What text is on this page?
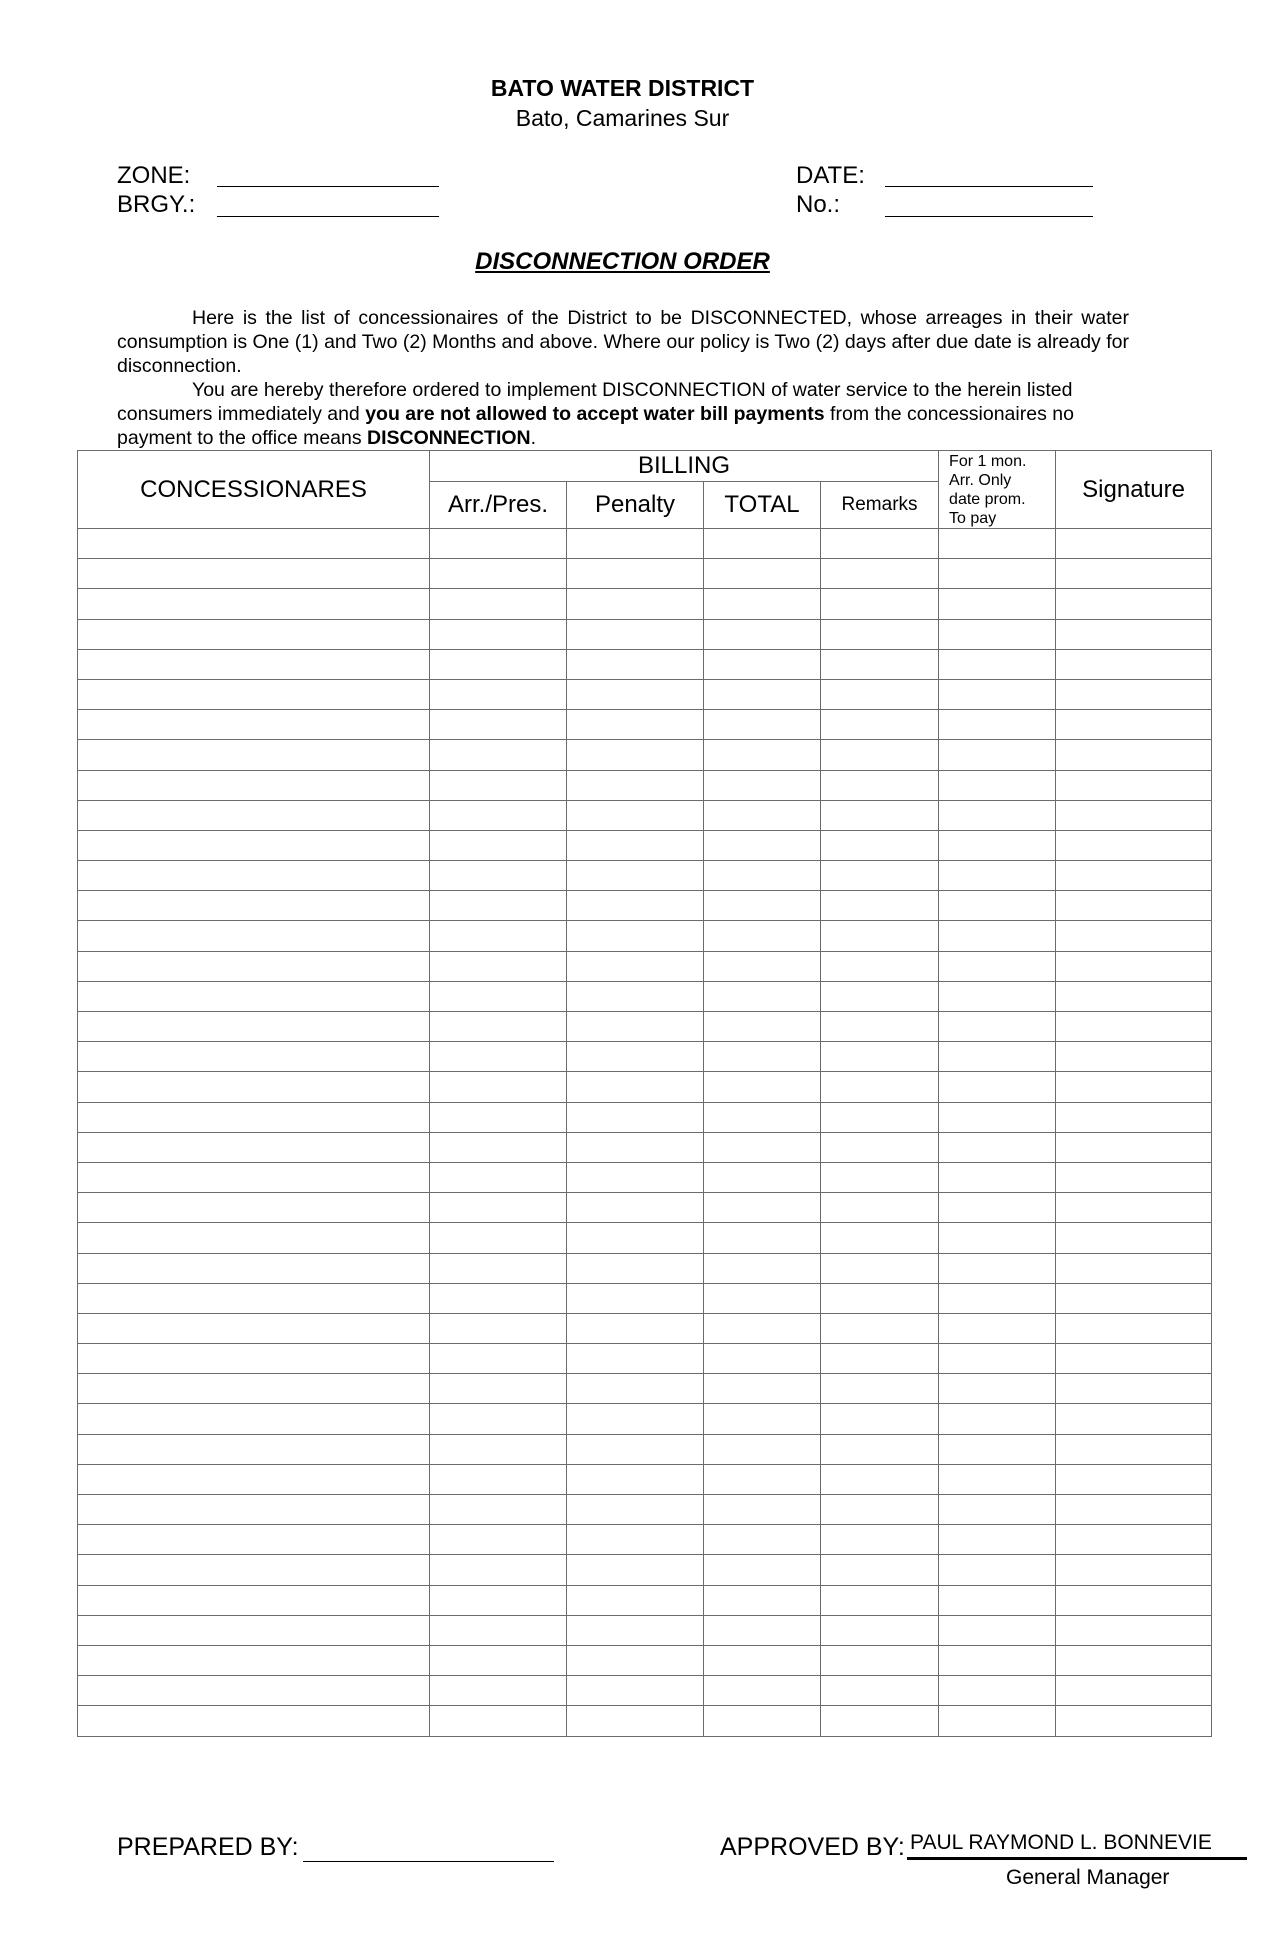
BATO WATER DISTRICT
Bato, Camarines Sur
ZONE:
BRGY.:
DATE:
No.:
DISCONNECTION ORDER

Here is the list of concessionaires of the District to be DISCONNECTED, whose arreages in their water consumption is One (1) and Two (2) Months and above. Where our policy is Two (2) days after due date is already for disconnection.

You are hereby therefore ordered to implement DISCONNECTION of water service to the herein listed consumers immediately and you are not allowed to accept water bill payments from the concessionaires no payment to the office means DISCONNECTION.

CONCESSIONARES	BILLING				For 1 mon.
Arr. Only
date prom.
To pay	Signature
	Arr./Pres.	Penalty	TOTAL	Remarks		

PREPARED BY:	APPROVED BY: PAUL RAYMOND L. BONNEVIE
General Manager
